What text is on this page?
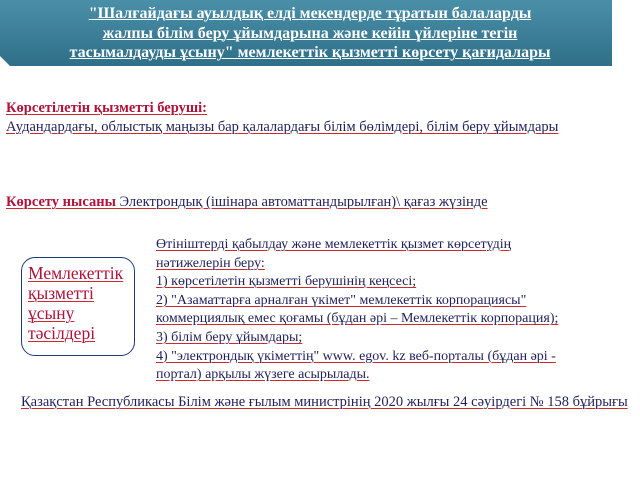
"Шалғайдағы ауылдық елді мекендерде тұратын балаларды
жалпы білім беру ұйымдарына және кейін үйлеріне тегін
тасымалдауды ұсыну" мемлекеттік қызметті көрсету қағидалары
Көрсетілетін қызметті беруші:
Аудандардағы, облыстық маңызы бар қалалардағы білім бөлімдері, білім беру ұйымдары
Көрсету нысаны Электрондық (ішінара автоматтандырылған)\ қағаз жүзінде
Мемлекеттік
қызметті
ұсыну
тәсілдері
Өтініштерді қабылдау және мемлекеттік қызмет көрсетудің
нәтижелерін беру:
1) көрсетілетін қызметті берушінің кеңсесі;
2) "Азаматтарға арналған үкімет" мемлекеттік корпорациясы"
коммерциялық емес қоғамы (бұдан әрі – Мемлекеттік корпорация);
3) білім беру ұйымдары;
4) "электрондық үкіметтің" www. egov. kz веб-порталы (бұдан әрі -
портал) арқылы жүзеге асырылады.
Қазақстан Республикасы Білім және ғылым министрінің 2020 жылғы 24 сәуірдегі № 158 бұйрығы
